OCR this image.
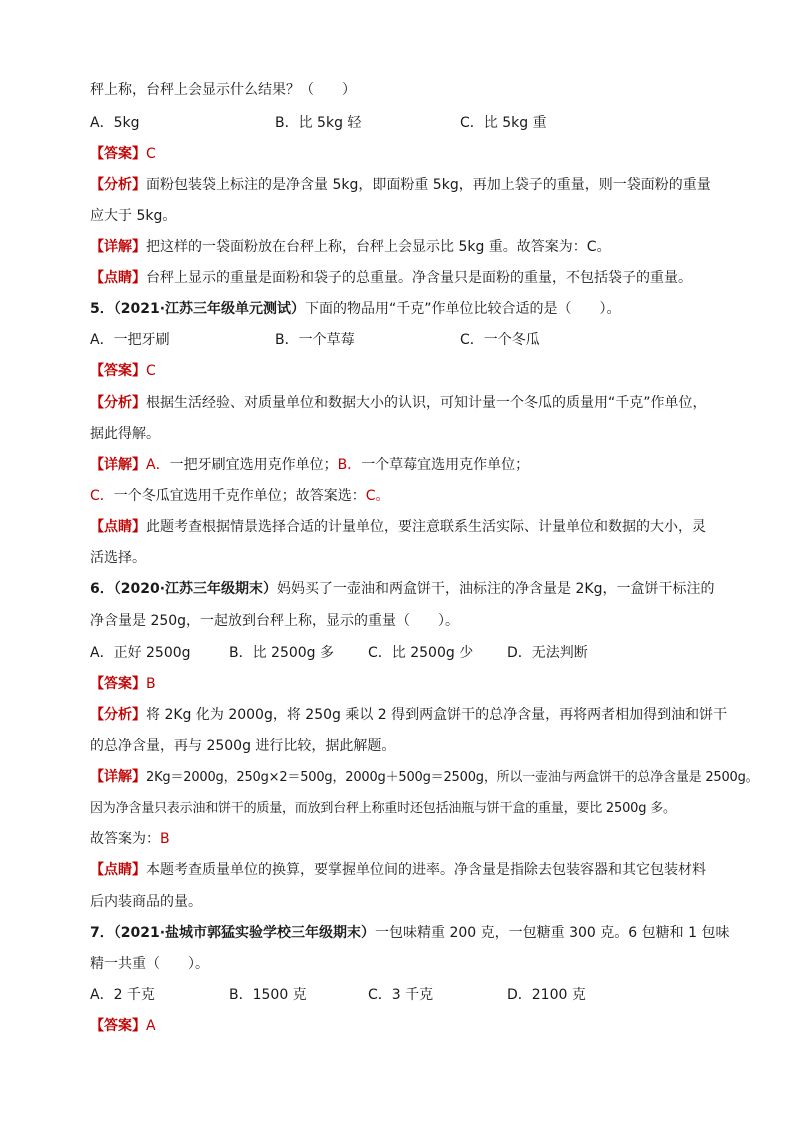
秤上称，台秤上会显示什么结果？（　　）
A．5kg	B．比 5kg 轻	C．比 5kg 重
【答案】C
【分析】面粉包装袋上标注的是净含量 5kg，即面粉重 5kg，再加上袋子的重量，则一袋面粉的重量
应大于 5kg。
【详解】把这样的一袋面粉放在台秤上称，台秤上会显示比 5kg 重。故答案为：C。
【点睛】台秤上显示的重量是面粉和袋子的总重量。净含量只是面粉的重量，不包括袋子的重量。
5．（2021·江苏三年级单元测试）下面的物品用“千克”作单位比较合适的是（　　）。
A．一把牙刷	B．一个草莓	C．一个冬瓜
【答案】C
【分析】根据生活经验、对质量单位和数据大小的认识，可知计量一个冬瓜的质量用“千克”作单位，
据此得解。
【详解】A．一把牙刷宜选用克作单位；B．一个草莓宜选用克作单位；
C．一个冬瓜宜选用千克作单位；故答案选：C。
【点睛】此题考查根据情景选择合适的计量单位，要注意联系生活实际、计量单位和数据的大小，灵
活选择。
6．（2020·江苏三年级期末）妈妈买了一壶油和两盒饼干，油标注的净含量是 2Kg，一盒饼干标注的
净含量是 250g，一起放到台秤上称，显示的重量（　　）。
A．正好 2500g	B．比 2500g 多 C．比 2500g 少 D．无法判断
【答案】B
【分析】将 2Kg 化为 2000g，将 250g 乘以 2 得到两盒饼干的总净含量，再将两者相加得到油和饼干
的总净含量，再与 2500g 进行比较，据此解题。
【详解】2Kg＝2000g，250g×2＝500g，2000g＋500g＝2500g，所以一壶油与两盒饼干的总净含量是 2500g。
因为净含量只表示油和饼干的质量，而放到台秤上称重时还包括油瓶与饼干盒的重量，要比 2500g 多。
故答案为：B
【点睛】本题考查质量单位的换算，要掌握单位间的进率。净含量是指除去包装容器和其它包装材料
后内装商品的量。
7．（2021·盐城市郭猛实验学校三年级期末）一包味精重 200 克，一包糖重 300 克。6 包糖和 1 包味
精一共重（　　）。
A．2 千克	B．1500 克	C．3 千克	D．2100 克
【答案】A
